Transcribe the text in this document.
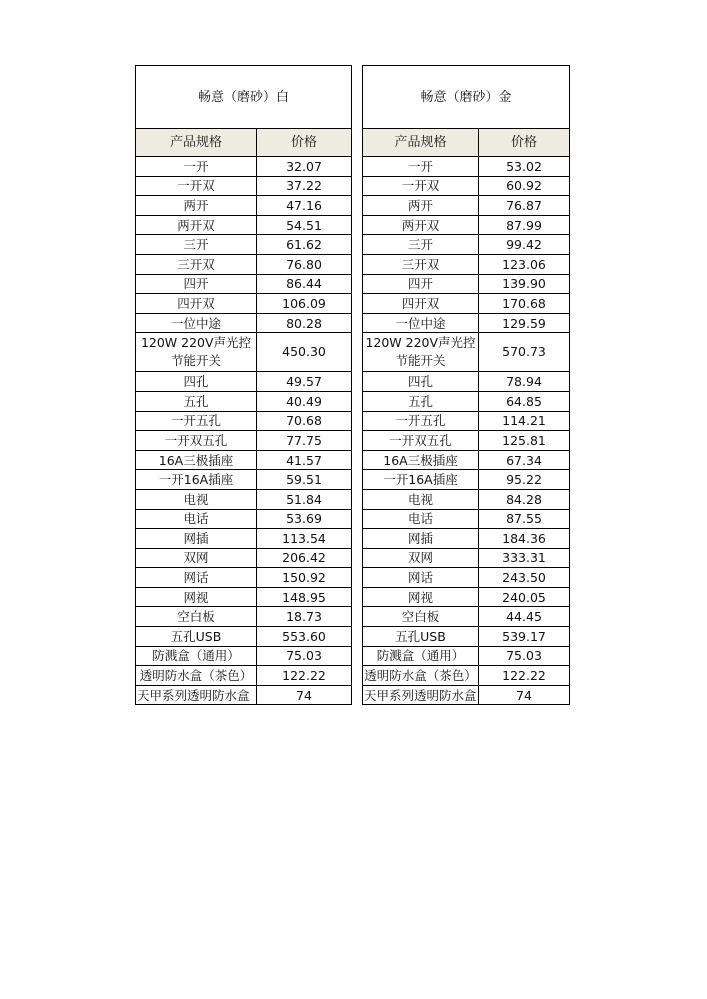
畅意（磨砂）白	
产品规格	价格
一开	32.07
一开双	37.22
两开	47.16
两开双	54.51
三开	61.62
三开双	76.80
四开	86.44
四开双	106.09
一位中途	80.28
120W 220V声光控节能开关	450.30
四孔	49.57
五孔	40.49
一开五孔	70.68
一开双五孔	77.75
16A三极插座	41.57
一开16A插座	59.51
电视	51.84
电话	53.69
网插	113.54
双网	206.42
网话	150.92
网视	148.95
空白板	18.73
五孔USB	553.60
防溅盒（通用）	75.03
透明防水盒（茶色）	122.22
天甲系列透明防水盒	74
畅意（磨砂）金	
产品规格	价格
一开	53.02
一开双	60.92
两开	76.87
两开双	87.99
三开	99.42
三开双	123.06
四开	139.90
四开双	170.68
一位中途	129.59
120W 220V声光控节能开关	570.73
四孔	78.94
五孔	64.85
一开五孔	114.21
一开双五孔	125.81
16A三极插座	67.34
一开16A插座	95.22
电视	84.28
电话	87.55
网插	184.36
双网	333.31
网话	243.50
网视	240.05
空白板	44.45
五孔USB	539.17
防溅盒（通用）	75.03
透明防水盒（茶色）	122.22
天甲系列透明防水盒	74
